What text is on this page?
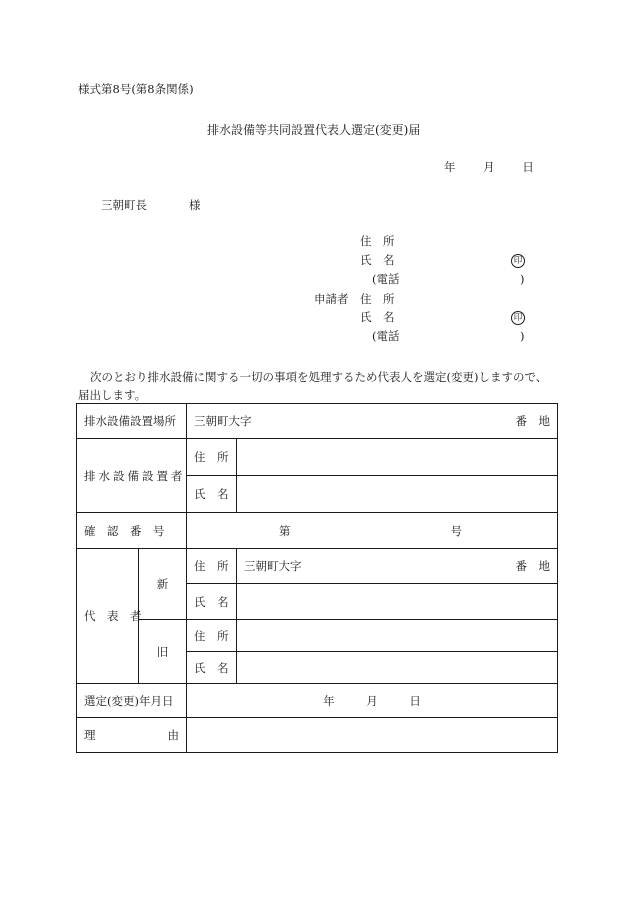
様式第8号(第8条関係)
排水設備等共同設置代表人選定(変更)届
年 月 日
三朝町長	様
住　所
氏　名	印
(電話	)
申請者 住　所
氏　名	印
(電話	)
次のとおり排水設備に関する一切の事項を処理するため代表人を選定(変更)しますので、届出します。
排水設備設置場所		三朝町大字 番　地	

排水設備設置者		住　所	
		氏　名	
確　認　番　号		第 号	

代　表　者	新	住　所	三朝町大字 番　地

		氏　名	
	旧	住　所	
		氏　名	
選定(変更)年月日		年 月 日	

理 由			
